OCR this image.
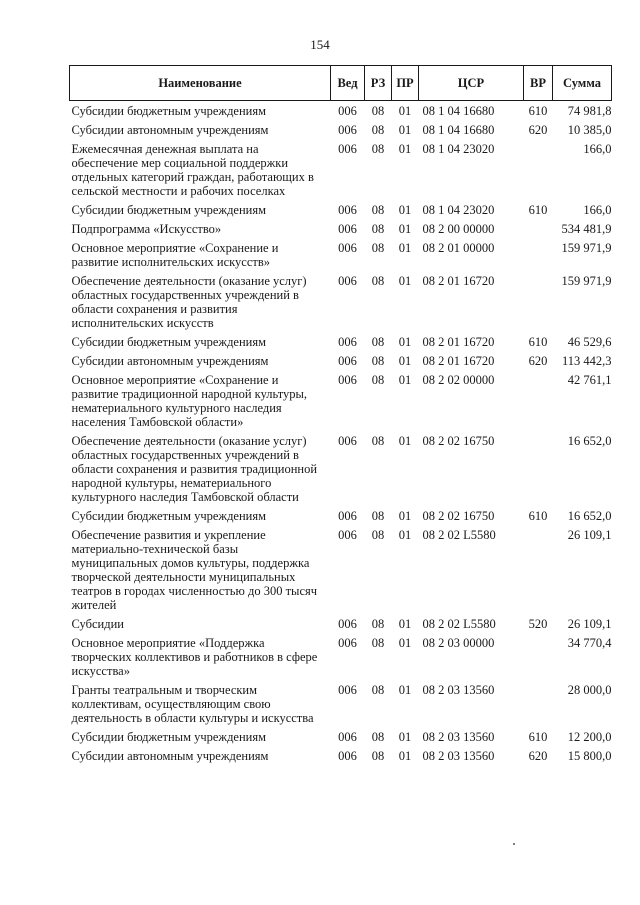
154
Наименование	Вед	РЗ	ПР	ЦСР	ВР	Сумма
Субсидии бюджетным учреждениям	006	08	01	08 1 04 16680	610	74 981,8
Субсидии автономным учреждениям	006	08	01	08 1 04 16680	620	10 385,0
Ежемесячная денежная выплата на обеспечение мер социальной поддержки отдельных категорий граждан, работающих в сельской местности и рабочих поселках	006	08	01	08 1 04 23020		166,0
Субсидии бюджетным учреждениям	006	08	01	08 1 04 23020	610	166,0
Подпрограмма «Искусство»	006	08	01	08 2 00 00000		534 481,9
Основное мероприятие «Сохранение и развитие исполнительских искусств»	006	08	01	08 2 01 00000		159 971,9
Обеспечение деятельности (оказание услуг) областных государственных учреждений в области сохранения и развития исполнительских искусств	006	08	01	08 2 01 16720		159 971,9
Субсидии бюджетным учреждениям	006	08	01	08 2 01 16720	610	46 529,6
Субсидии автономным учреждениям	006	08	01	08 2 01 16720	620	113 442,3
Основное мероприятие «Сохранение и развитие традиционной народной культуры, нематериального культурного наследия населения Тамбовской области»	006	08	01	08 2 02 00000		42 761,1
Обеспечение деятельности (оказание услуг) областных государственных учреждений в области сохранения и развития традиционной народной культуры, нематериального культурного наследия Тамбовской области	006	08	01	08 2 02 16750		16 652,0
Субсидии бюджетным учреждениям	006	08	01	08 2 02 16750	610	16 652,0
Обеспечение развития и укрепление материально-технической базы муниципальных домов культуры, поддержка творческой деятельности муниципальных театров в городах численностью до 300 тысяч жителей	006	08	01	08 2 02 L5580		26 109,1
Субсидии	006	08	01	08 2 02 L5580	520	26 109,1
Основное мероприятие «Поддержка творческих коллективов и работников в сфере искусства»	006	08	01	08 2 03 00000		34 770,4
Гранты театральным и творческим коллективам, осуществляющим свою деятельность в области культуры и искусства	006	08	01	08 2 03 13560		28 000,0
Субсидии бюджетным учреждениям	006	08	01	08 2 03 13560	610	12 200,0
Субсидии автономным учреждениям	006	08	01	08 2 03 13560	620	15 800,0
